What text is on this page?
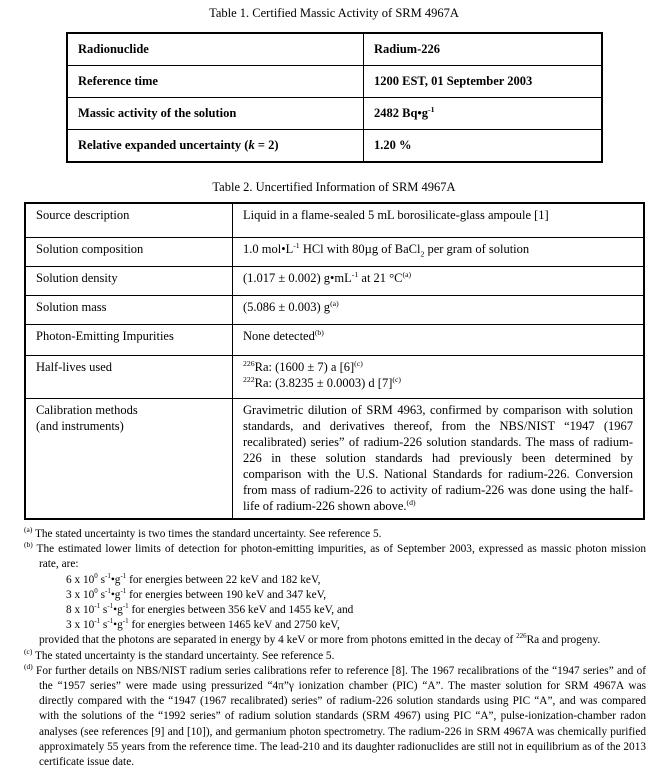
Table 1. Certified Massic Activity of SRM 4967A
Radionuclide	Radium-226
Reference time	1200 EST, 01 September 2003
Massic activity of the solution	2482 $Bq•g^{-1}$
Relative expanded uncertainty (k = 2)	1.20 %
Table 2. Uncertified Information of SRM 4967A
Source description	Liquid in a flame-sealed 5 mL borosilicate-glass ampoule [1]
Solution composition	1.0 $mol•L^{-1}$ HCl with 80µg of BaCl$_2$ per gram of solution
Solution density	(1.017 ± 0.002) $g•mL^{-1}$ at 21 $^\circ C^{(a)}$
Solution mass	(5.086 ± 0.003) $g^{(a)}$
Photon-Emitting Impurities	None detected$^{(b)}$
Half-lives used	$^{226}$Ra: (1600 ± 7) a $[6]^{(c)}$
$^{222}$Ra: (3.8235 ± 0.0003) d $[7]^{(c)}$

Calibration methods
(and instruments)	Gravimetric dilution of SRM 4963, confirmed by comparison with solution standards, and derivatives thereof, from the NBS/NIST “1947 (1967 recalibrated) series” of radium-226 solution standards. The mass of radium-226 in these solution standards had previously been determined by comparison with the U.S. National Standards for radium-226. Conversion from mass of radium-226 to activity of radium-226 was done using the half-life of radium-226 shown above.$^{(d)}$
$^{(a)}$ The stated uncertainty is two times the standard uncertainty. See reference 5.
$^{(b)}$ The estimated lower limits of detection for photon-emitting impurities, as of September 2003, expressed as massic photon mission rate, are:
6 x $10^0$ $s^{-1}•g^{-1}$ for energies between 22 keV and 182 keV,
3 x $10^0$ $s^{-1}•g^{-1}$ for energies between 190 keV and 347 keV,
8 x $10^{-1}$ $s^{-1}•g^{-1}$ for energies between 356 keV and 1455 keV, and
3 x $10^{-1}$ $s^{-1}•g^{-1}$ for energies between 1465 keV and 2750 keV,
provided that the photons are separated in energy by 4 keV or more from photons emitted in the decay of $^{226}$Ra and progeny.
$^{(c)}$ The stated uncertainty is the standard uncertainty. See reference 5.
$^{(d)}$ For further details on NBS/NIST radium series calibrations refer to reference [8]. The 1967 recalibrations of the “1947 series” and of the “1957 series” were made using pressurized “4π”γ ionization chamber (PIC) “A”. The master solution for SRM 4967A was directly compared with the “1947 (1967 recalibrated) series” of radium-226 solution standards using PIC “A”, and was compared with the solutions of the “1992 series” of radium solution standards (SRM 4967) using PIC “A”, pulse-ionization-chamber radon analyses (see references [9] and [10]), and germanium photon spectrometry. The radium-226 in SRM 4967A was chemically purified approximately 55 years from the reference time. The lead-210 and its daughter radionuclides are still not in equilibrium as of the 2013 certificate issue date.
